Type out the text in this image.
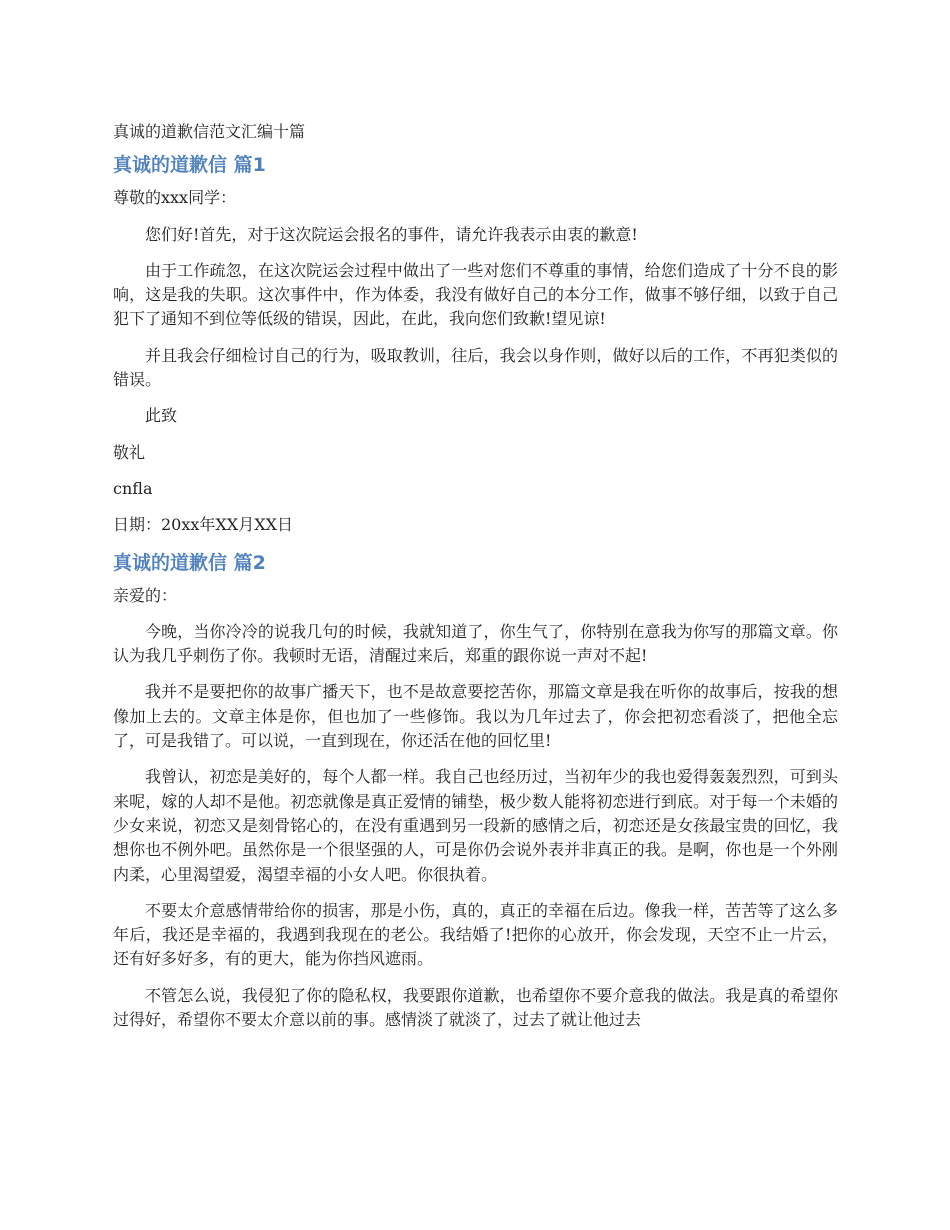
真诚的道歉信范文汇编十篇
真诚的道歉信 篇1

尊敬的xxx同学：

您们好!首先，对于这次院运会报名的事件，请允许我表示由衷的歉意!

由于工作疏忽，在这次院运会过程中做出了一些对您们不尊重的事情，给您们造成了十分不良的影响，这是我的失职。这次事件中，作为体委，我没有做好自己的本分工作，做事不够仔细，以致于自己犯下了通知不到位等低级的错误，因此，在此，我向您们致歉!望见谅!

并且我会仔细检讨自己的行为，吸取教训，往后，我会以身作则，做好以后的工作，不再犯类似的错误。

此致

敬礼

cnfla

日期：20xx年XX月XX日

真诚的道歉信 篇2

亲爱的：

今晚，当你冷冷的说我几句的时候，我就知道了，你生气了，你特别在意我为你写的那篇文章。你认为我几乎刺伤了你。我顿时无语，清醒过来后，郑重的跟你说一声对不起!

我并不是要把你的故事广播天下，也不是故意要挖苦你，那篇文章是我在听你的故事后，按我的想像加上去的。文章主体是你，但也加了一些修饰。我以为几年过去了，你会把初恋看淡了，把他全忘了，可是我错了。可以说，一直到现在，你还活在他的回忆里!

我曾认，初恋是美好的，每个人都一样。我自己也经历过，当初年少的我也爱得轰轰烈烈，可到头来呢，嫁的人却不是他。初恋就像是真正爱情的铺垫，极少数人能将初恋进行到底。对于每一个未婚的少女来说，初恋又是刻骨铭心的，在没有重遇到另一段新的感情之后，初恋还是女孩最宝贵的回忆，我想你也不例外吧。虽然你是一个很坚强的人，可是你仍会说外表并非真正的我。是啊，你也是一个外刚内柔，心里渴望爱，渴望幸福的小女人吧。你很执着。

不要太介意感情带给你的损害，那是小伤，真的，真正的幸福在后边。像我一样，苦苦等了这么多年后，我还是幸福的，我遇到我现在的老公。我结婚了!把你的心放开，你会发现，天空不止一片云，还有好多好多，有的更大，能为你挡风遮雨。

不管怎么说，我侵犯了你的隐私权，我要跟你道歉，也希望你不要介意我的做法。我是真的希望你过得好，希望你不要太介意以前的事。感情淡了就淡了，过去了就让他过去
